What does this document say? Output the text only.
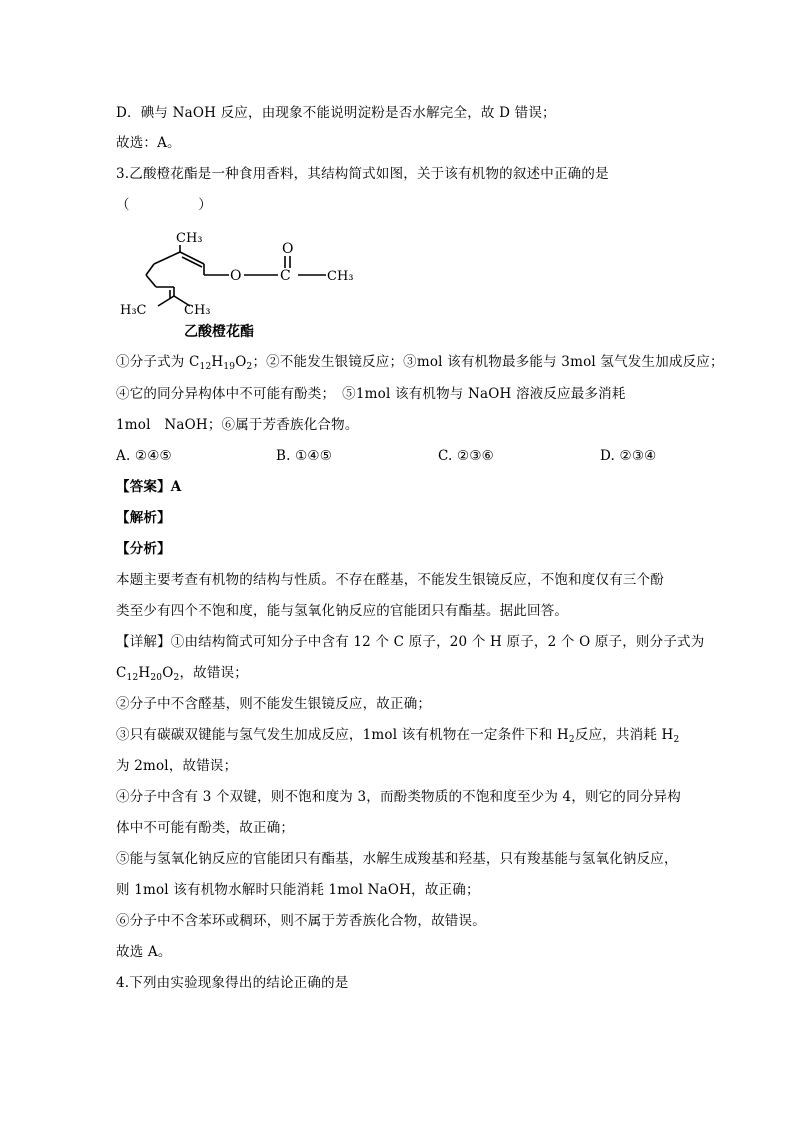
D．碘与 NaOH 反应，由现象不能说明淀粉是否水解完全，故 D 错误；
故选：A。
3.乙酸橙花酯是一种食用香料，其结构简式如图，关于该有机物的叙述中正确的是
（　　　　　）
CH₃
O	C
O
CH₃
H₃C	CH₃
乙酸橙花酯
①分子式为 $C_{12}H_{19}O_2$；②不能发生银镜反应；③mol 该有机物最多能与 3mol 氢气发生加成反应；
④它的同分异构体中不可能有酚类；　⑤1mol 该有机物与 NaOH 溶液反应最多消耗
1mol　NaOH；⑥属于芳香族化合物。
A. ②④⑤	B. ①④⑤	C. ②③⑥	D. ②③④
【答案】A
【解析】
【分析】
本题主要考查有机物的结构与性质。不存在醛基，不能发生银镜反应，不饱和度仅有三个酚
类至少有四个不饱和度，能与氢氧化钠反应的官能团只有酯基。据此回答。
【详解】①由结构简式可知分子中含有 12 个 C 原子，20 个 H 原子，2 个 O 原子，则分子式为
$C_{12}H_{20}O_2$，故错误；
②分子中不含醛基，则不能发生银镜反应，故正确；
③只有碳碳双键能与氢气发生加成反应，1mol 该有机物在一定条件下和 $H_2$反应，共消耗 $H_2$
为 2mol，故错误；
④分子中含有 3 个双键，则不饱和度为 3，而酚类物质的不饱和度至少为 4，则它的同分异构
体中不可能有酚类，故正确；
⑤能与氢氧化钠反应的官能团只有酯基，水解生成羧基和羟基，只有羧基能与氢氧化钠反应，
则 1mol 该有机物水解时只能消耗 1mol NaOH，故正确；
⑥分子中不含苯环或稠环，则不属于芳香族化合物，故错误。
故选 A。
4.下列由实验现象得出的结论正确的是
